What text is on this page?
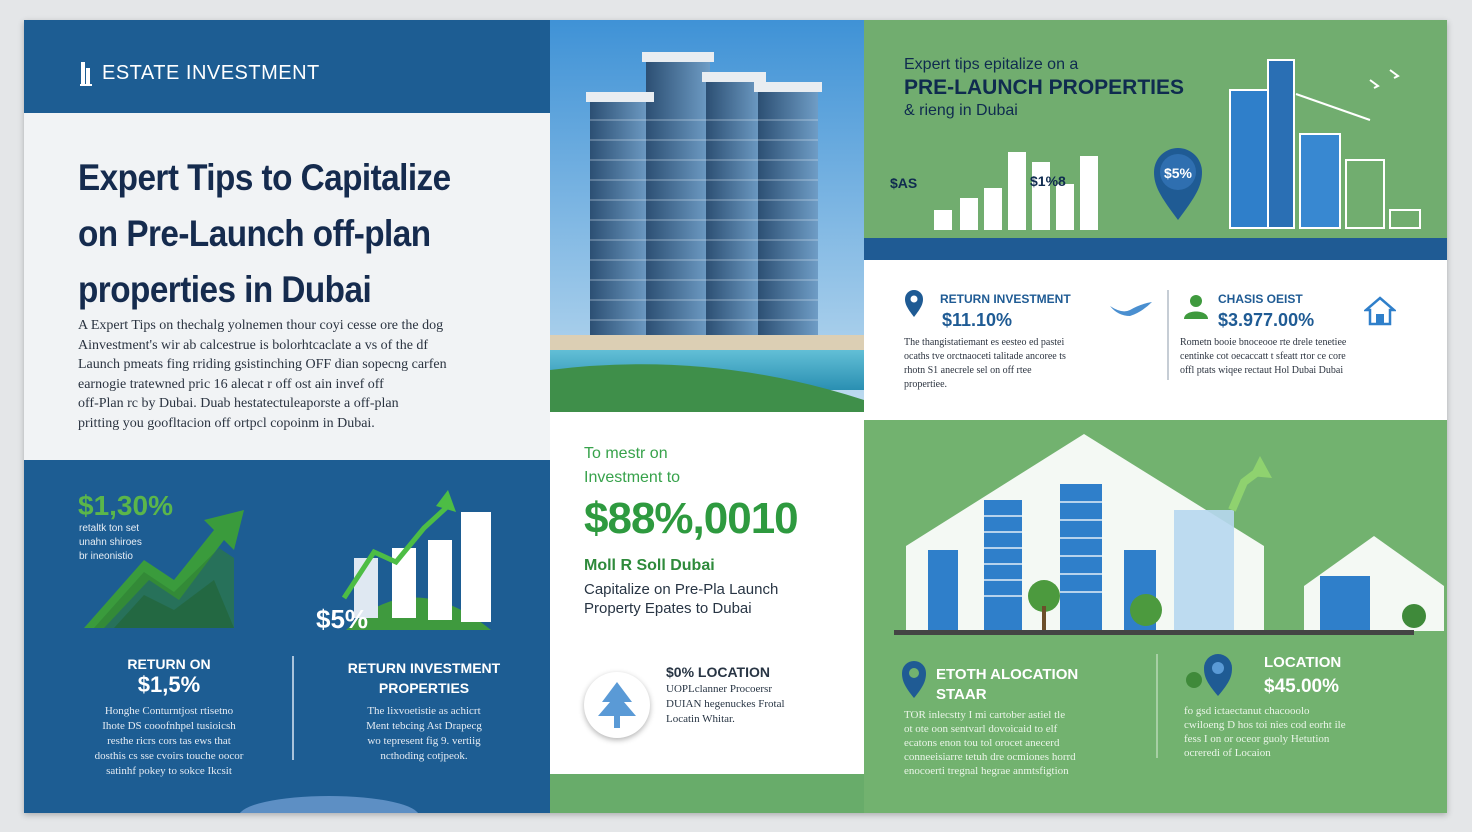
ESTATE INVESTMENT
Expert Tips to Capitalize
on Pre-Launch off-plan
properties in Dubai
A Expert Tips on thechalg yolnemen thour coyi cesse ore the dog
Ainvestment's wir ab calcestrue is bolorhtcaclate a vs of the df
Launch pmeats fing rriding gsistinching OFF dian sopecng carfen
earnogie tratewned pric 16 alecat r off ost ain invef off
off-Plan rc by Dubai. Duab hestatectuleaporste a off-plan
pritting you goofltacion off ortpcl copoinm in Dubai.
$1,30%
retaltk ton set
unahn shiroes
br ineonistio
$5%
RETURN ON
$1,5%
Honghe Conturntjost rtisetno
Ihote DS cooofnhpel tusioicsh
resthe ricrs cors tas ews that
dosthis cs sse cvoirs touche oocor
satinhf pokey to sokce Ikcsit
RETURN INVESTMENT
PROPERTIES
The lixvoetistie as achicrt
Ment tebcing Ast Drapecg
wo tepresent fig 9. vertiig
ncthoding cotjpeok.
To mestr on
Investment to
$88%,0010
Moll R Soll Dubai
Capitalize on Pre-Pla Launch
Property Epates to Dubai
$0% LOCATION
UOPLclanner Procoersr
DUIAN hegenuckes Frotal
Locatin Whitar.
Expert tips epitalize on a
PRE-LAUNCH PROPERTIES
& rieng in Dubai
$AS	$1%8	$5%
RETURN INVESTMENT
$11.10%
The thangistatiemant es eesteo ed pastei
ocaths tve orctnaoceti talitade ancoree ts
rhotn S1 anecrele sel on off rtee
propertiee.
CHASIS OEIST
$3.977.00%
Rometn booie bnoceooe rte drele tenetiee
centinke cot oecaccatt t sfeatt rtor ce core
offl ptats wiqee rectaut Hol Dubai Dubai
ETOTH ALOCATION
STAAR
TOR inlecstty I mi cartober astiel tle
ot ote oon sentvarl dovoicaid to elf
ecatons enon tou tol orocet anecerd
conneeisiarre tetuh dre ocmiones horrd
enocoerti tregnal hegrae anmtsfigtion
LOCATION
$45.00%
fo gsd ictaectanut chacooolo
cwiloeng D hos toi nies cod eorht ile
fess I on or oceor guoly Hetution
ocreredi of Locaion
